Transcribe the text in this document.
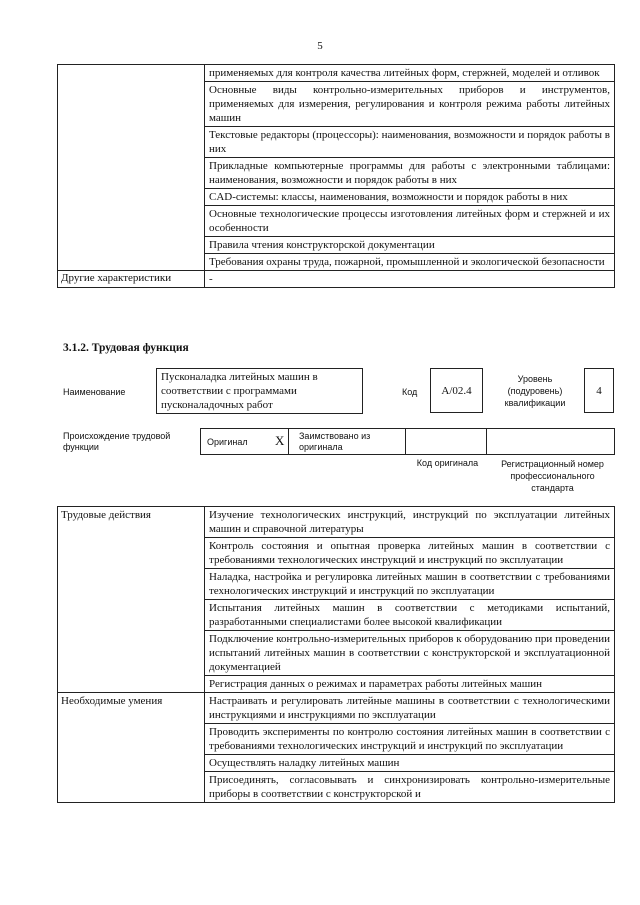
5
	применяемых для контроля качества литейных форм, стержней, моделей и отливок
	Основные виды контрольно-измерительных приборов и инструментов, применяемых для измерения, регулирования и контроля режима работы литейных машин
	Текстовые редакторы (процессоры): наименования, возможности и порядок работы в них
	Прикладные компьютерные программы для работы с электронными таблицами: наименования, возможности и порядок работы в них
	CAD-системы: классы, наименования, возможности и порядок работы в них
	Основные технологические процессы изготовления литейных форм и стержней и их особенности
	Правила чтения конструкторской документации
	Требования охраны труда, пожарной, промышленной и экологической безопасности
Другие характеристики	-
3.1.2. Трудовая функция
Наименование
Пусконаладка литейных машин в соответствии с программами пусконаладочных работ
Код	А/02.4
Уровень (подуровень) квалификации
4
Происхождение трудовой функции	Оригинал X Заимствовано из оригинала
Код оригинала	Регистрационный номер профессионального стандарта
Трудовые действия	Изучение технологических инструкций, инструкций по эксплуатации литейных машин и справочной литературы
	Контроль состояния и опытная проверка литейных машин в соответствии с требованиями технологических инструкций и инструкций по эксплуатации
	Наладка, настройка и регулировка литейных машин в соответствии с требованиями технологических инструкций и инструкций по эксплуатации
	Испытания литейных машин в соответствии с методиками испытаний, разработанными специалистами более высокой квалификации
	Подключение контрольно-измерительных приборов к оборудованию при проведении испытаний литейных машин в соответствии с конструкторской и эксплуатационной документацией
	Регистрация данных о режимах и параметрах работы литейных машин
Необходимые умения	Настраивать и регулировать литейные машины в соответствии с технологическими инструкциями и инструкциями по эксплуатации
	Проводить эксперименты по контролю состояния литейных машин в соответствии с требованиями технологических инструкций и инструкций по эксплуатации
	Осуществлять наладку литейных машин
	Присоединять, согласовывать и синхронизировать контрольно-измерительные приборы в соответствии с конструкторской и
